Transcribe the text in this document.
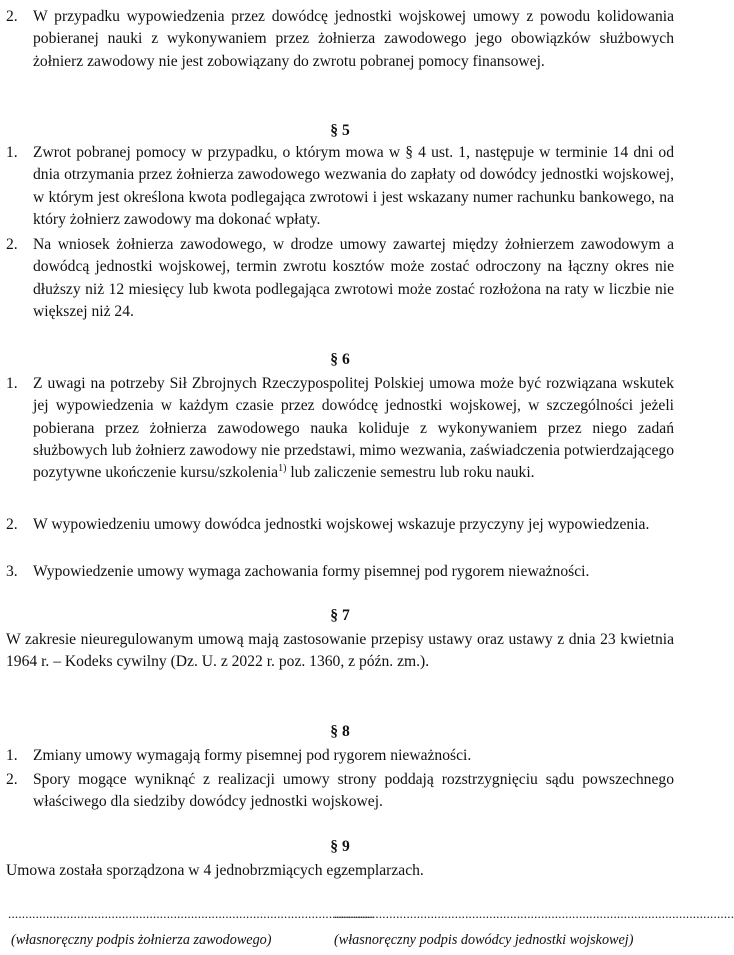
2. W przypadku wypowiedzenia przez dowódcę jednostki wojskowej umowy z powodu kolidowania pobieranej nauki z wykonywaniem przez żołnierza zawodowego jego obowiązków służbowych żołnierz zawodowy nie jest zobowiązany do zwrotu pobranej pomocy finansowej.
§ 5
1. Zwrot pobranej pomocy w przypadku, o którym mowa w § 4 ust. 1, następuje w terminie 14 dni od dnia otrzymania przez żołnierza zawodowego wezwania do zapłaty od dowódcy jednostki wojskowej, w którym jest określona kwota podlegająca zwrotowi i jest wskazany numer rachunku bankowego, na który żołnierz zawodowy ma dokonać wpłaty.
2. Na wniosek żołnierza zawodowego, w drodze umowy zawartej między żołnierzem zawodowym a dowódcą jednostki wojskowej, termin zwrotu kosztów może zostać odroczony na łączny okres nie dłuższy niż 12 miesięcy lub kwota podlegająca zwrotowi może zostać rozłożona na raty w liczbie nie większej niż 24.
§ 6
1. Z uwagi na potrzeby Sił Zbrojnych Rzeczypospolitej Polskiej umowa może być rozwiązana wskutek jej wypowiedzenia w każdym czasie przez dowódcę jednostki wojskowej, w szczególności jeżeli pobierana przez żołnierza zawodowego nauka koliduje z wykonywaniem przez niego zadań służbowych lub żołnierz zawodowy nie przedstawi, mimo wezwania, zaświadczenia potwierdzającego pozytywne ukończenie kursu/szkolenia$^{1)}$ lub zaliczenie semestru lub roku nauki.
2. W wypowiedzeniu umowy dowódca jednostki wojskowej wskazuje przyczyny jej wypowiedzenia.
3. Wypowiedzenie umowy wymaga zachowania formy pisemnej pod rygorem nieważności.
§ 7
W zakresie nieuregulowanym umową mają zastosowanie przepisy ustawy oraz ustawy z dnia 23 kwietnia 1964 r. – Kodeks cywilny (Dz. U. z 2022 r. poz. 1360, z późn. zm.).
§ 8
1. Zmiany umowy wymagają formy pisemnej pod rygorem nieważności.
2. Spory mogące wyniknąć z realizacji umowy strony poddają rozstrzygnięciu sądu powszechnego właściwego dla siedziby dowódcy jednostki wojskowej.
§ 9
Umowa została sporządzona w 4 jednobrzmiących egzemplarzach.
..........................................................................................................
....................................................................................................................
(własnoręczny podpis żołnierza zawodowego)	(własnoręczny podpis dowódcy jednostki wojskowej)
